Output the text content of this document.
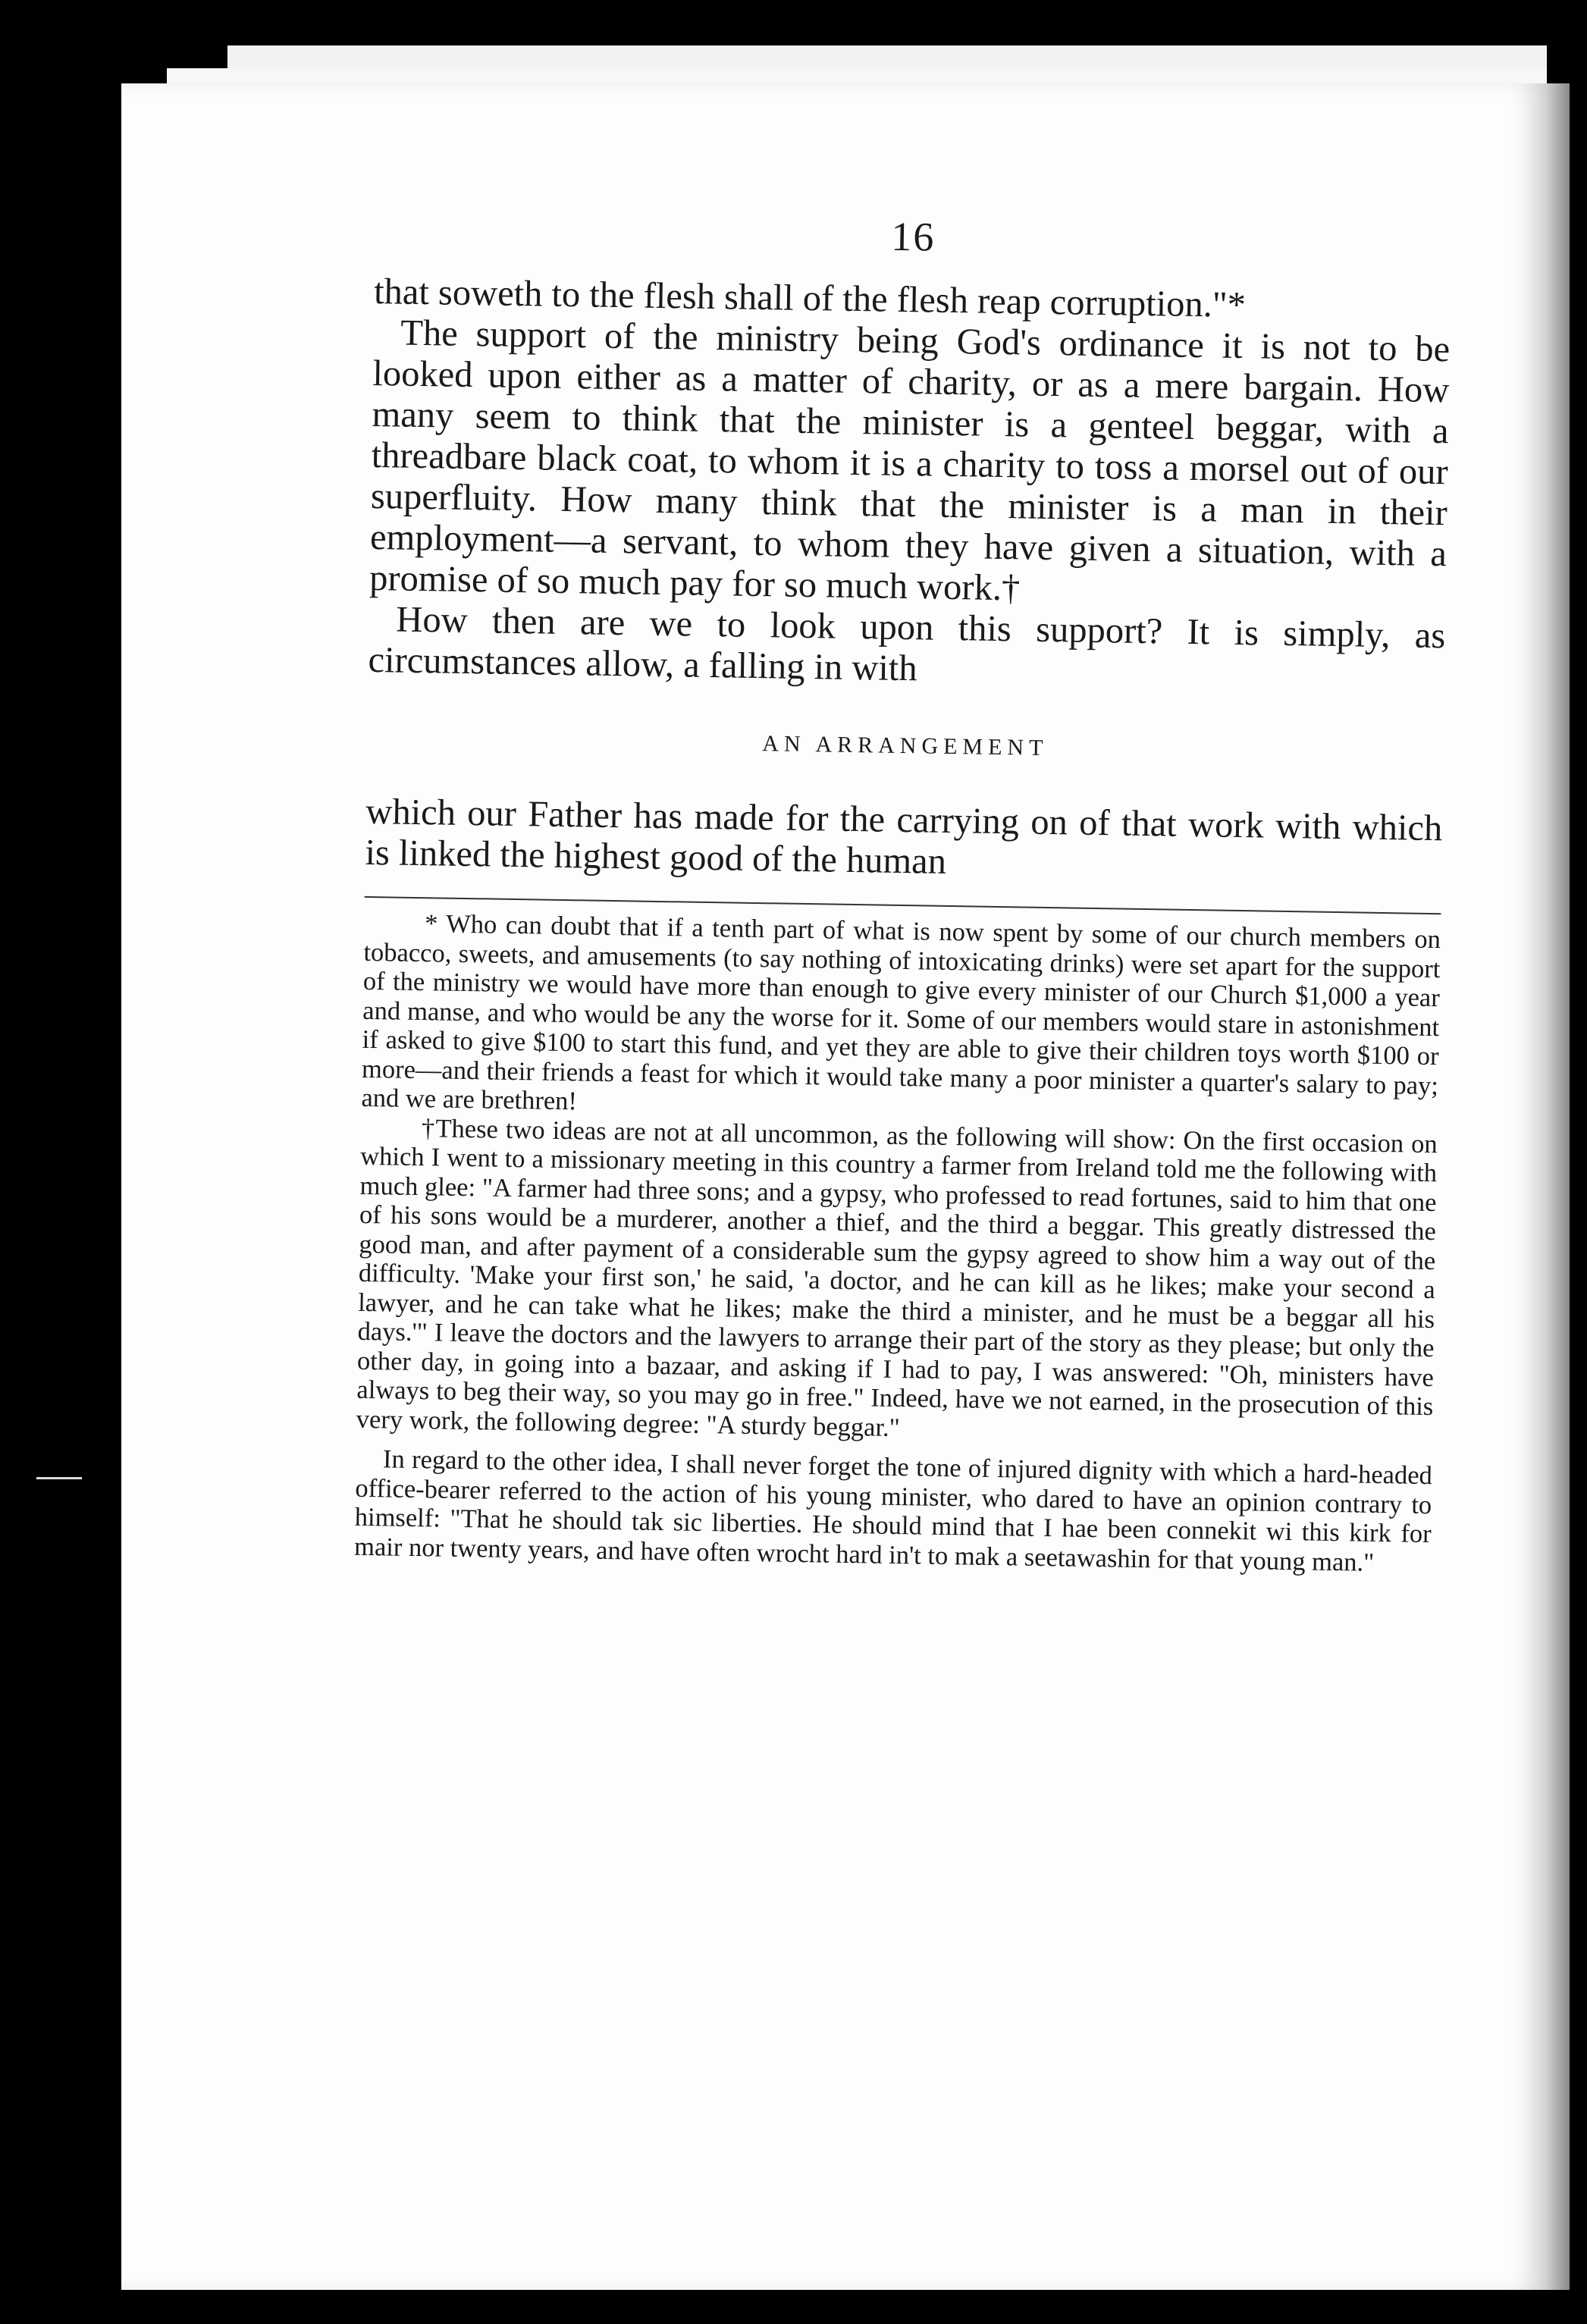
16

that soweth to the flesh shall of the flesh reap corruption."*

The support of the ministry being God's ordinance it is not to be looked upon either as a matter of charity, or as a mere bargain. How many seem to think that the minister is a genteel beggar, with a threadbare black coat, to whom it is a charity to toss a morsel out of our superfluity. How many think that the minister is a man in their employment—a servant, to whom they have given a situation, with a promise of so much pay for so much work.†

How then are we to look upon this support? It is simply, as circumstances allow, a falling in with

AN ARRANGEMENT

which our Father has made for the carrying on of that work with which is linked the highest good of the human

* Who can doubt that if a tenth part of what is now spent by some of our church members on tobacco, sweets, and amusements (to say nothing of intoxicating drinks) were set apart for the support of the ministry we would have more than enough to give every minister of our Church $1,000 a year and manse, and who would be any the worse for it. Some of our members would stare in astonishment if asked to give $100 to start this fund, and yet they are able to give their children toys worth $100 or more—and their friends a feast for which it would take many a poor minister a quarter's salary to pay; and we are brethren!

†These two ideas are not at all uncommon, as the following will show: On the first occasion on which I went to a missionary meeting in this country a farmer from Ireland told me the following with much glee: "A farmer had three sons; and a gypsy, who professed to read fortunes, said to him that one of his sons would be a murderer, another a thief, and the third a beggar. This greatly distressed the good man, and after payment of a considerable sum the gypsy agreed to show him a way out of the difficulty. 'Make your first son,' he said, 'a doctor, and he can kill as he likes; make your second a lawyer, and he can take what he likes; make the third a minister, and he must be a beggar all his days.'" I leave the doctors and the lawyers to arrange their part of the story as they please; but only the other day, in going into a bazaar, and asking if I had to pay, I was answered: "Oh, ministers have always to beg their way, so you may go in free." Indeed, have we not earned, in the prosecution of this very work, the following degree: "A sturdy beggar."

In regard to the other idea, I shall never forget the tone of injured dignity with which a hard-headed office-bearer referred to the action of his young minister, who dared to have an opinion contrary to himself: "That he should tak sic liberties. He should mind that I hae been connekit wi this kirk for mair nor twenty years, and have often wrocht hard in't to mak a seetawashin for that young man."
